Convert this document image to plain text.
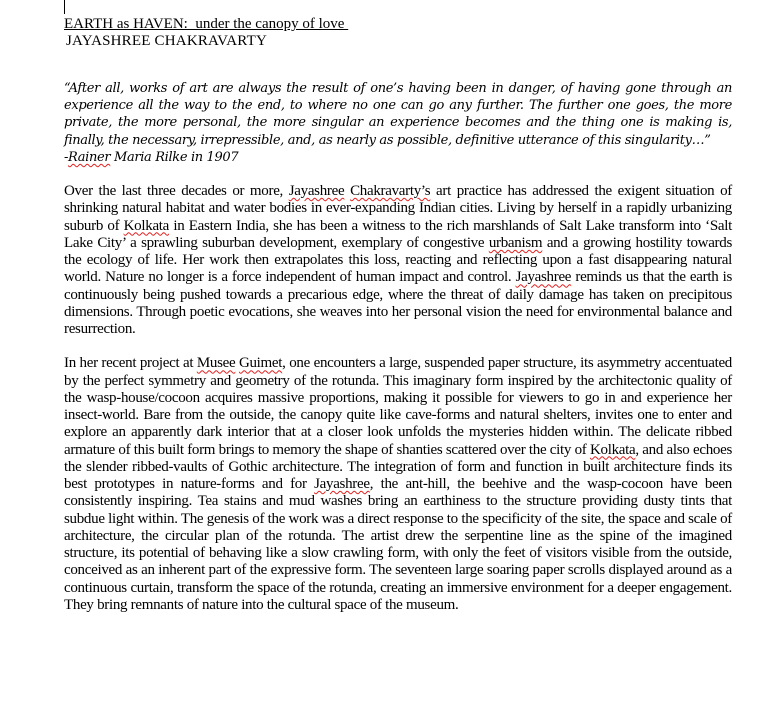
EARTH as HAVEN:  under the canopy of love

JAYASHREE CHAKRAVARTY

“After all, works of art are always the result of one’s having been in danger, of having gone through an experience all the way to the end, to where no one can go any further. The further one goes, the more private, the more personal, the more singular an experience becomes and the thing one is making is, finally, the necessary, irrepressible, and, as nearly as possible, definitive utterance of this singularity…”

-Rainer Maria Rilke in 1907

Over the last three decades or more, Jayashree Chakravarty’s art practice has addressed the exigent situation of shrinking natural habitat and water bodies in ever-expanding Indian cities. Living by herself in a rapidly urbanizing suburb of Kolkata in Eastern India, she has been a witness to the rich marshlands of Salt Lake transform into ‘Salt Lake City’ a sprawling suburban development, exemplary of congestive urbanism and a growing hostility towards the ecology of life. Her work then extrapolates this loss, reacting and reflecting upon a fast disappearing natural world. Nature no longer is a force independent of human impact and control. Jayashree reminds us that the earth is continuously being pushed towards a precarious edge, where the threat of daily damage has taken on precipitous dimensions. Through poetic evocations, she weaves into her personal vision the need for environmental balance and resurrection.

In her recent project at Musee Guimet, one encounters a large, suspended paper structure, its asymmetry accentuated by the perfect symmetry and geometry of the rotunda. This imaginary form inspired by the architectonic quality of the wasp-house/cocoon acquires massive proportions, making it possible for viewers to go in and experience her insect-world. Bare from the outside, the canopy quite like cave-forms and natural shelters, invites one to enter and explore an apparently dark interior that at a closer look unfolds the mysteries hidden within. The delicate ribbed armature of this built form brings to memory the shape of shanties scattered over the city of Kolkata, and also echoes the slender ribbed-vaults of Gothic architecture. The integration of form and function in built architecture finds its best prototypes in nature-forms and for Jayashree, the ant-hill, the beehive and the wasp-cocoon have been consistently inspiring. Tea stains and mud washes bring an earthiness to the structure providing dusty tints that subdue light within. The genesis of the work was a direct response to the specificity of the site, the space and scale of architecture, the circular plan of the rotunda. The artist drew the serpentine line as the spine of the imagined structure, its potential of behaving like a slow crawling form, with only the feet of visitors visible from the outside, conceived as an inherent part of the expressive form. The seventeen large soaring paper scrolls displayed around as a continuous curtain, transform the space of the rotunda, creating an immersive environment for a deeper engagement. They bring remnants of nature into the cultural space of the museum.
